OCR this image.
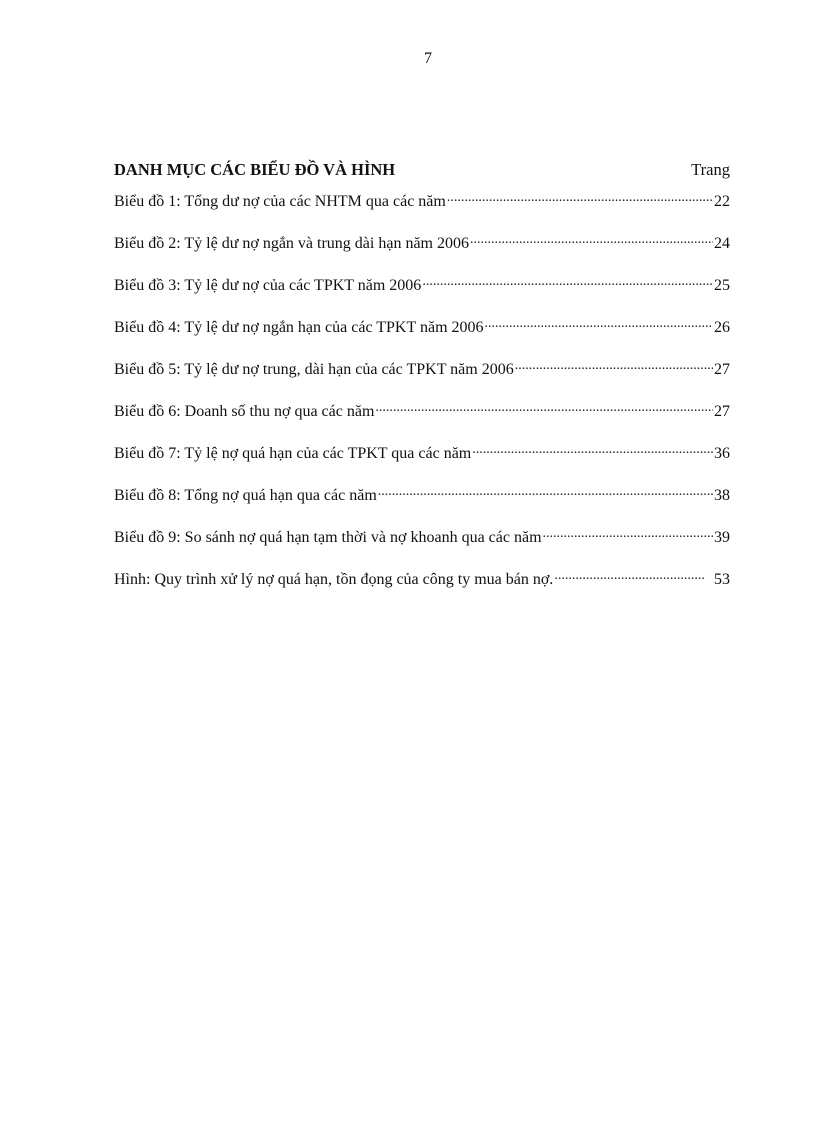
7
DANH MỤC CÁC BIỂU ĐỒ VÀ HÌNH	Trang
Biểu đồ 1: Tổng dư nợ của các NHTM qua các năm .....	22
Biểu đồ 2: Tỷ lệ dư nợ ngắn và trung dài hạn năm 2006 .....	24
Biểu đồ 3: Tỷ lệ dư nợ của các TPKT năm 2006 .....	25
Biểu đồ 4: Tỷ lệ dư nợ ngắn hạn của các TPKT năm 2006 .....	26
Biểu đồ 5: Tỷ lệ dư nợ trung, dài hạn của các TPKT năm 2006 .....	27
Biểu đồ 6: Doanh số thu nợ qua các năm .....	27
Biểu đồ 7: Tỷ lệ nợ quá hạn của các TPKT qua các năm .....	36
Biểu đồ 8: Tổng nợ quá hạn qua các năm .....	38
Biểu đồ 9: So sánh nợ quá hạn tạm thời và nợ khoanh qua các năm .....	39
Hình: Quy trình xử lý nợ quá hạn, tồn đọng của công ty mua bán nợ. .....	53
